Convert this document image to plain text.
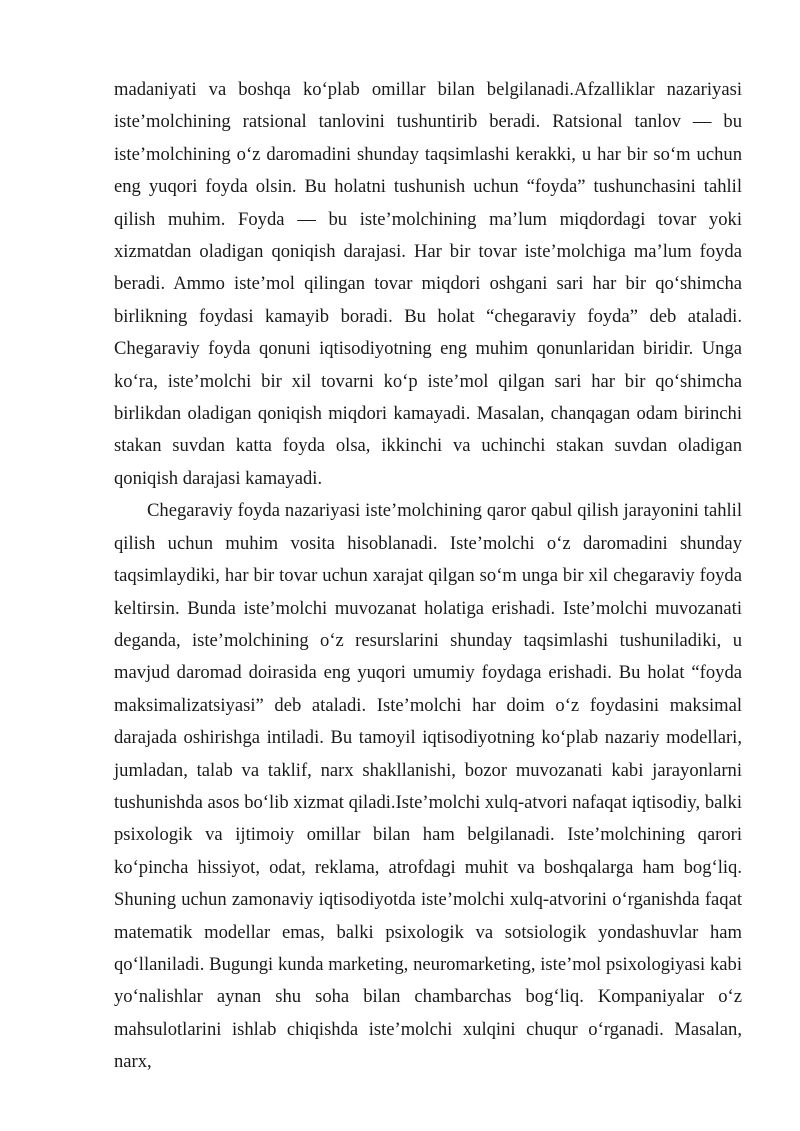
madaniyati va boshqa ko‘plab omillar bilan belgilanadi.Afzalliklar nazariyasi iste’molchining ratsional tanlovini tushuntirib beradi. Ratsional tanlov — bu iste’molchining o‘z daromadini shunday taqsimlashi kerakki, u har bir so‘m uchun eng yuqori foyda olsin. Bu holatni tushunish uchun “foyda” tushunchasini tahlil qilish muhim. Foyda — bu iste’molchining ma’lum miqdordagi tovar yoki xizmatdan oladigan qoniqish darajasi. Har bir tovar iste’molchiga ma’lum foyda beradi. Ammo iste’mol qilingan tovar miqdori oshgani sari har bir qo‘shimcha birlikning foydasi kamayib boradi. Bu holat “chegaraviy foyda” deb ataladi. Chegaraviy foyda qonuni iqtisodiyotning eng muhim qonunlaridan biridir. Unga ko‘ra, iste’molchi bir xil tovarni ko‘p iste’mol qilgan sari har bir qo‘shimcha birlikdan oladigan qoniqish miqdori kamayadi. Masalan, chanqagan odam birinchi stakan suvdan katta foyda olsa, ikkinchi va uchinchi stakan suvdan oladigan qoniqish darajasi kamayadi.

Chegaraviy foyda nazariyasi iste’molchining qaror qabul qilish jarayonini tahlil qilish uchun muhim vosita hisoblanadi. Iste’molchi o‘z daromadini shunday taqsimlaydiki, har bir tovar uchun xarajat qilgan so‘m unga bir xil chegaraviy foyda keltirsin. Bunda iste’molchi muvozanat holatiga erishadi. Iste’molchi muvozanati deganda, iste’molchining o‘z resurslarini shunday taqsimlashi tushuniladiki, u mavjud daromad doirasida eng yuqori umumiy foydaga erishadi. Bu holat “foyda maksimalizatsiyasi” deb ataladi. Iste’molchi har doim o‘z foydasini maksimal darajada oshirishga intiladi. Bu tamoyil iqtisodiyotning ko‘plab nazariy modellari, jumladan, talab va taklif, narx shakllanishi, bozor muvozanati kabi jarayonlarni tushunishda asos bo‘lib xizmat qiladi.Iste’molchi xulq-atvori nafaqat iqtisodiy, balki psixologik va ijtimoiy omillar bilan ham belgilanadi. Iste’molchining qarori ko‘pincha hissiyot, odat, reklama, atrofdagi muhit va boshqalarga ham bog‘liq. Shuning uchun zamonaviy iqtisodiyotda iste’molchi xulq-atvorini o‘rganishda faqat matematik modellar emas, balki psixologik va sotsiologik yondashuvlar ham qo‘llaniladi. Bugungi kunda marketing, neuromarketing, iste’mol psixologiyasi kabi yo‘nalishlar aynan shu soha bilan chambarchas bog‘liq. Kompaniyalar o‘z mahsulotlarini ishlab chiqishda iste’molchi xulqini chuqur o‘rganadi. Masalan, narx,
